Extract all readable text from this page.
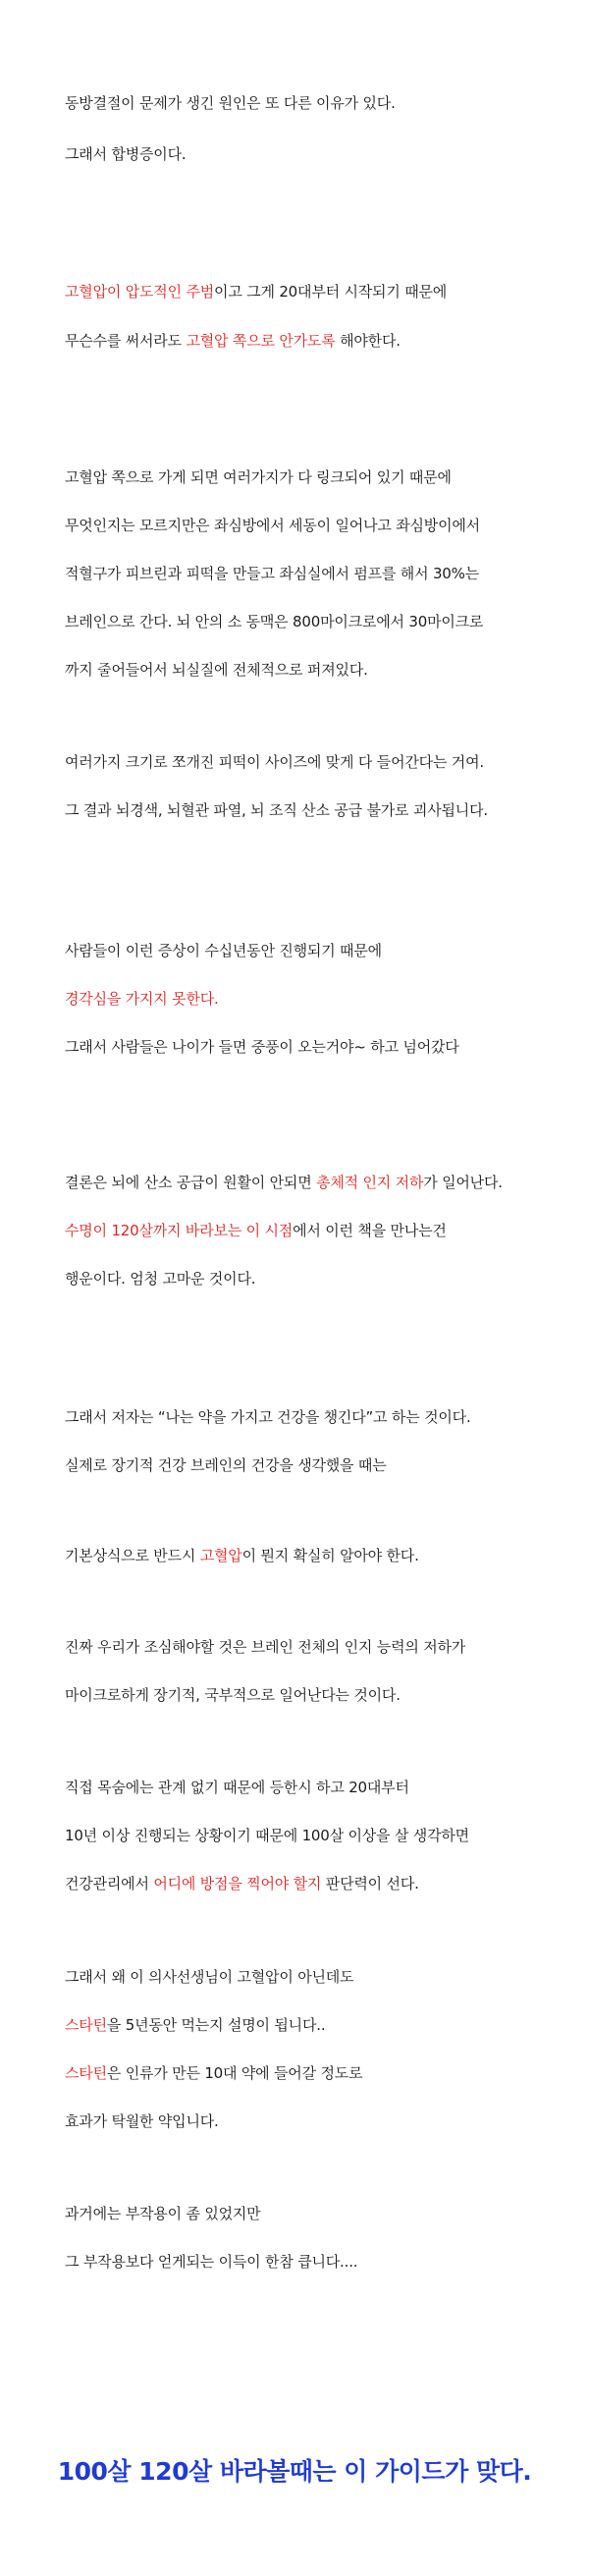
동방결절이 문제가 생긴 원인은 또 다른 이유가 있다.
그래서 합병증이다.
고혈압이 압도적인 주범이고 그게 20대부터 시작되기 때문에
무슨수를 써서라도 고혈압 쪽으로 안가도록 해야한다.
고혈압 쪽으로 가게 되면 여러가지가 다 링크되어 있기 때문에
무엇인지는 모르지만은 좌심방에서 세동이 일어나고 좌심방이에서
적혈구가 피브린과 피떡을 만들고 좌심실에서 펌프를 해서 30%는
브레인으로 간다. 뇌 안의 소 동맥은 800마이크로에서 30마이크로
까지 줄어들어서 뇌실질에 전체적으로 퍼져있다.
여러가지 크기로 쪼개진 피떡이 사이즈에 맞게 다 들어간다는 거여.
그 결과 뇌경색, 뇌혈관 파열, 뇌 조직 산소 공급 불가로 괴사됩니다.
사람들이 이런 증상이 수십년동안 진행되기 때문에
경각심을 가지지 못한다.
그래서 사람들은 나이가 들면 중풍이 오는거야~ 하고 넘어갔다
결론은 뇌에 산소 공급이 원활이 안되면 총체적 인지 저하가 일어난다.
수명이 120살까지 바라보는 이 시점에서 이런 책을 만나는건
행운이다. 엄청 고마운 것이다.
그래서 저자는 “나는 약을 가지고 건강을 챙긴다”고 하는 것이다.
실제로 장기적 건강 브레인의 건강을 생각했을 때는
기본상식으로 반드시 고혈압이 뭔지 확실히 알아야 한다.
진짜 우리가 조심해야할 것은 브레인 전체의 인지 능력의 저하가
마이크로하게 장기적, 국부적으로 일어난다는 것이다.
직접 목숨에는 관계 없기 때문에 등한시 하고 20대부터
10년 이상 진행되는 상황이기 때문에 100살 이상을 살 생각하면
건강관리에서 어디에 방점을 찍어야 할지 판단력이 선다.
그래서 왜 이 의사선생님이 고혈압이 아닌데도
스타틴을 5년동안 먹는지 설명이 됩니다..
스타틴은 인류가 만든 10대 약에 들어갈 정도로
효과가 탁월한 약입니다.
과거에는 부작용이 좀 있었지만
그 부작용보다 얻게되는 이득이 한참 큽니다....
100살 120살 바라볼때는 이 가이드가 맞다.
